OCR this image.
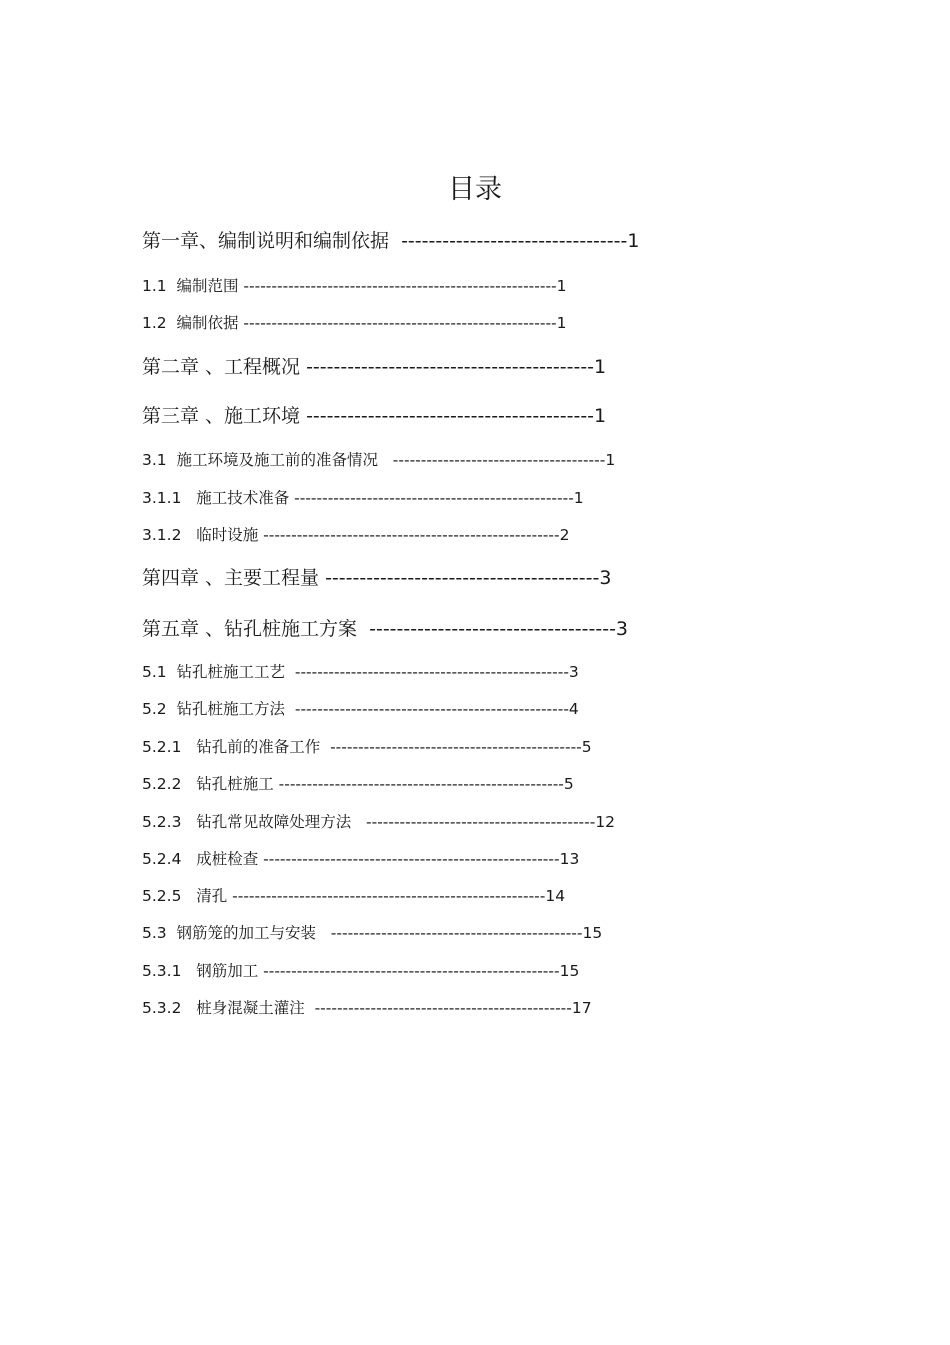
目录
第一章、编制说明和编制依据  ---------------------------------1
1.1  编制范围 --------------------------------------------------------1
1.2  编制依据 --------------------------------------------------------1
第二章 、工程概况 ------------------------------------------1
第三章 、施工环境 ------------------------------------------1
3.1  施工环境及施工前的准备情况   --------------------------------------1
3.1.1   施工技术准备 --------------------------------------------------1
3.1.2   临时设施 -----------------------------------------------------2
第四章 、主要工程量 ----------------------------------------3
第五章 、钻孔桩施工方案  ------------------------------------3
5.1  钻孔桩施工工艺  -------------------------------------------------3
5.2  钻孔桩施工方法  -------------------------------------------------4
5.2.1   钻孔前的准备工作  ---------------------------------------------5
5.2.2   钻孔桩施工 ---------------------------------------------------5
5.2.3   钻孔常见故障处理方法   -----------------------------------------12
5.2.4   成桩检查 -----------------------------------------------------13
5.2.5   清孔 --------------------------------------------------------14
5.3  钢筋笼的加工与安装   ---------------------------------------------15
5.3.1   钢筋加工 -----------------------------------------------------15
5.3.2   桩身混凝土灌注  ----------------------------------------------17
